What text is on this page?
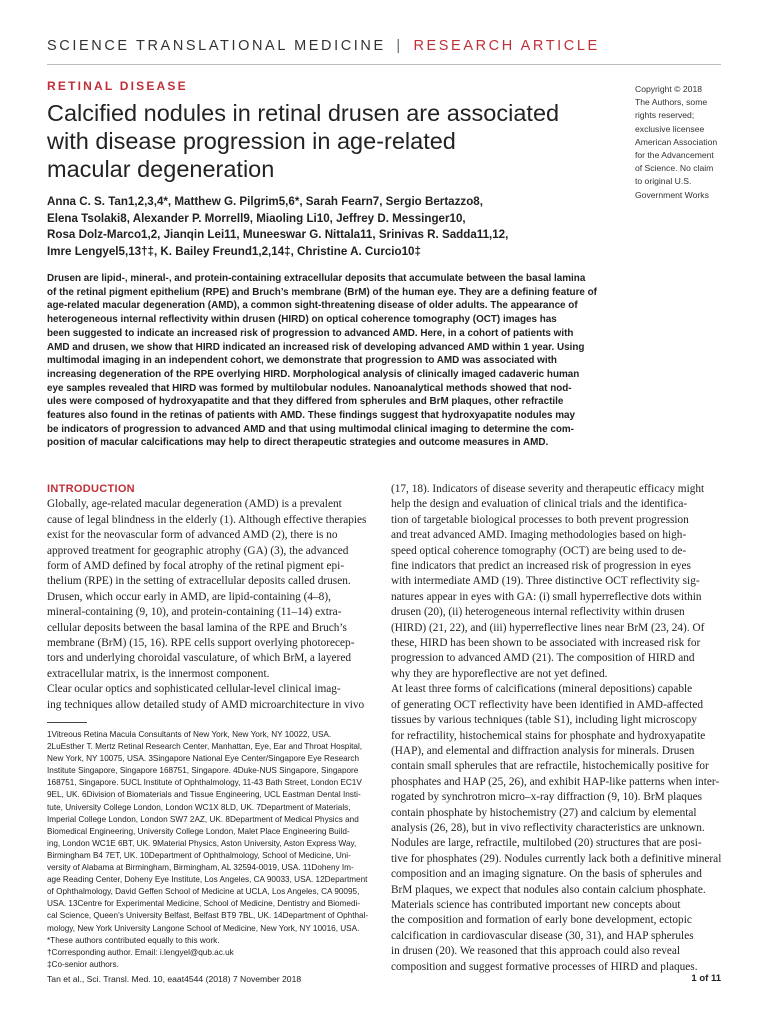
SCIENCE TRANSLATIONAL MEDICINE | RESEARCH ARTICLE
RETINAL DISEASE
Calcified nodules in retinal drusen are associated
with disease progression in age-related
macular degeneration
Copyright © 2018
The Authors, some
rights reserved;
exclusive licensee
American Association
for the Advancement
of Science. No claim
to original U.S.
Government Works
Anna C. S. Tan1,2,3,4*, Matthew G. Pilgrim5,6*, Sarah Fearn7, Sergio Bertazzo8,
Elena Tsolaki8, Alexander P. Morrell9, Miaoling Li10, Jeffrey D. Messinger10,
Rosa Dolz-Marco1,2, Jianqin Lei11, Muneeswar G. Nittala11, Srinivas R. Sadda11,12,
Imre Lengyel5,13†‡, K. Bailey Freund1,2,14‡, Christine A. Curcio10‡
Drusen are lipid-, mineral-, and protein-containing extracellular deposits that accumulate between the basal lamina
of the retinal pigment epithelium (RPE) and Bruch’s membrane (BrM) of the human eye. They are a defining feature of
age-related macular degeneration (AMD), a common sight-threatening disease of older adults. The appearance of
heterogeneous internal reflectivity within drusen (HIRD) on optical coherence tomography (OCT) images has
been suggested to indicate an increased risk of progression to advanced AMD. Here, in a cohort of patients with
AMD and drusen, we show that HIRD indicated an increased risk of developing advanced AMD within 1 year. Using
multimodal imaging in an independent cohort, we demonstrate that progression to AMD was associated with
increasing degeneration of the RPE overlying HIRD. Morphological analysis of clinically imaged cadaveric human
eye samples revealed that HIRD was formed by multilobular nodules. Nanoanalytical methods showed that nod-
ules were composed of hydroxyapatite and that they differed from spherules and BrM plaques, other refractile
features also found in the retinas of patients with AMD. These findings suggest that hydroxyapatite nodules may
be indicators of progression to advanced AMD and that using multimodal clinical imaging to determine the com-
position of macular calcifications may help to direct therapeutic strategies and outcome measures in AMD.
INTRODUCTION
Globally, age-related macular degeneration (AMD) is a prevalent
cause of legal blindness in the elderly (1). Although effective therapies
exist for the neovascular form of advanced AMD (2), there is no
approved treatment for geographic atrophy (GA) (3), the advanced
form of AMD defined by focal atrophy of the retinal pigment epi-
thelium (RPE) in the setting of extracellular deposits called drusen.
Drusen, which occur early in AMD, are lipid-containing (4–8),
mineral-containing (9, 10), and protein-containing (11–14) extra-
cellular deposits between the basal lamina of the RPE and Bruch’s
membrane (BrM) (15, 16). RPE cells support overlying photorecep-
tors and underlying choroidal vasculature, of which BrM, a layered
extracellular matrix, is the innermost component.
Clear ocular optics and sophisticated cellular-level clinical imag-
ing techniques allow detailed study of AMD microarchitecture in vivo
1Vitreous Retina Macula Consultants of New York, New York, NY 10022, USA.
2LuEsther T. Mertz Retinal Research Center, Manhattan, Eye, Ear and Throat Hospital,
New York, NY 10075, USA. 3Singapore National Eye Center/Singapore Eye Research
Institute Singapore, Singapore 168751, Singapore. 4Duke-NUS Singapore, Singapore
168751, Singapore. 5UCL Institute of Ophthalmology, 11-43 Bath Street, London EC1V
9EL, UK. 6Division of Biomaterials and Tissue Engineering, UCL Eastman Dental Insti-
tute, University College London, London WC1X 8LD, UK. 7Department of Materials,
Imperial College London, London SW7 2AZ, UK. 8Department of Medical Physics and
Biomedical Engineering, University College London, Malet Place Engineering Build-
ing, London WC1E 6BT, UK. 9Material Physics, Aston University, Aston Express Way,
Birmingham B4 7ET, UK. 10Department of Ophthalmology, School of Medicine, Uni-
versity of Alabama at Birmingham, Birmingham, AL 32594-0019, USA. 11Doheny Im-
age Reading Center, Doheny Eye Institute, Los Angeles, CA 90033, USA. 12Department
of Ophthalmology, David Geffen School of Medicine at UCLA, Los Angeles, CA 90095,
USA. 13Centre for Experimental Medicine, School of Medicine, Dentistry and Biomedi-
cal Science, Queen’s University Belfast, Belfast BT9 7BL, UK. 14Department of Ophthal-
mology, New York University Langone School of Medicine, New York, NY 10016, USA.
*These authors contributed equally to this work.
†Corresponding author. Email: i.lengyel@qub.ac.uk
‡Co-senior authors.
(17, 18). Indicators of disease severity and therapeutic efficacy might
help the design and evaluation of clinical trials and the identifica-
tion of targetable biological processes to both prevent progression
and treat advanced AMD. Imaging methodologies based on high-
speed optical coherence tomography (OCT) are being used to de-
fine indicators that predict an increased risk of progression in eyes
with intermediate AMD (19). Three distinctive OCT reflectivity sig-
natures appear in eyes with GA: (i) small hyperreflective dots within
drusen (20), (ii) heterogeneous internal reflectivity within drusen
(HIRD) (21, 22), and (iii) hyperreflective lines near BrM (23, 24). Of
these, HIRD has been shown to be associated with increased risk for
progression to advanced AMD (21). The composition of HIRD and
why they are hyporeflective are not yet defined.
At least three forms of calcifications (mineral depositions) capable
of generating OCT reflectivity have been identified in AMD-affected
tissues by various techniques (table S1), including light microscopy
for refractility, histochemical stains for phosphate and hydroxyapatite
(HAP), and elemental and diffraction analysis for minerals. Drusen
contain small spherules that are refractile, histochemically positive for
phosphates and HAP (25, 26), and exhibit HAP-like patterns when inter-
rogated by synchrotron micro–x-ray diffraction (9, 10). BrM plaques
contain phosphate by histochemistry (27) and calcium by elemental
analysis (26, 28), but in vivo reflectivity characteristics are unknown.
Nodules are large, refractile, multilobed (20) structures that are posi-
tive for phosphates (29). Nodules currently lack both a definitive mineral
composition and an imaging signature. On the basis of spherules and
BrM plaques, we expect that nodules also contain calcium phosphate.
Materials science has contributed important new concepts about
the composition and formation of early bone development, ectopic
calcification in cardiovascular disease (30, 31), and HAP spherules
in drusen (20). We reasoned that this approach could also reveal
composition and suggest formative processes of HIRD and plaques.
Tan et al., Sci. Transl. Med. 10, eaat4544 (2018) 7 November 2018	1 of 11
